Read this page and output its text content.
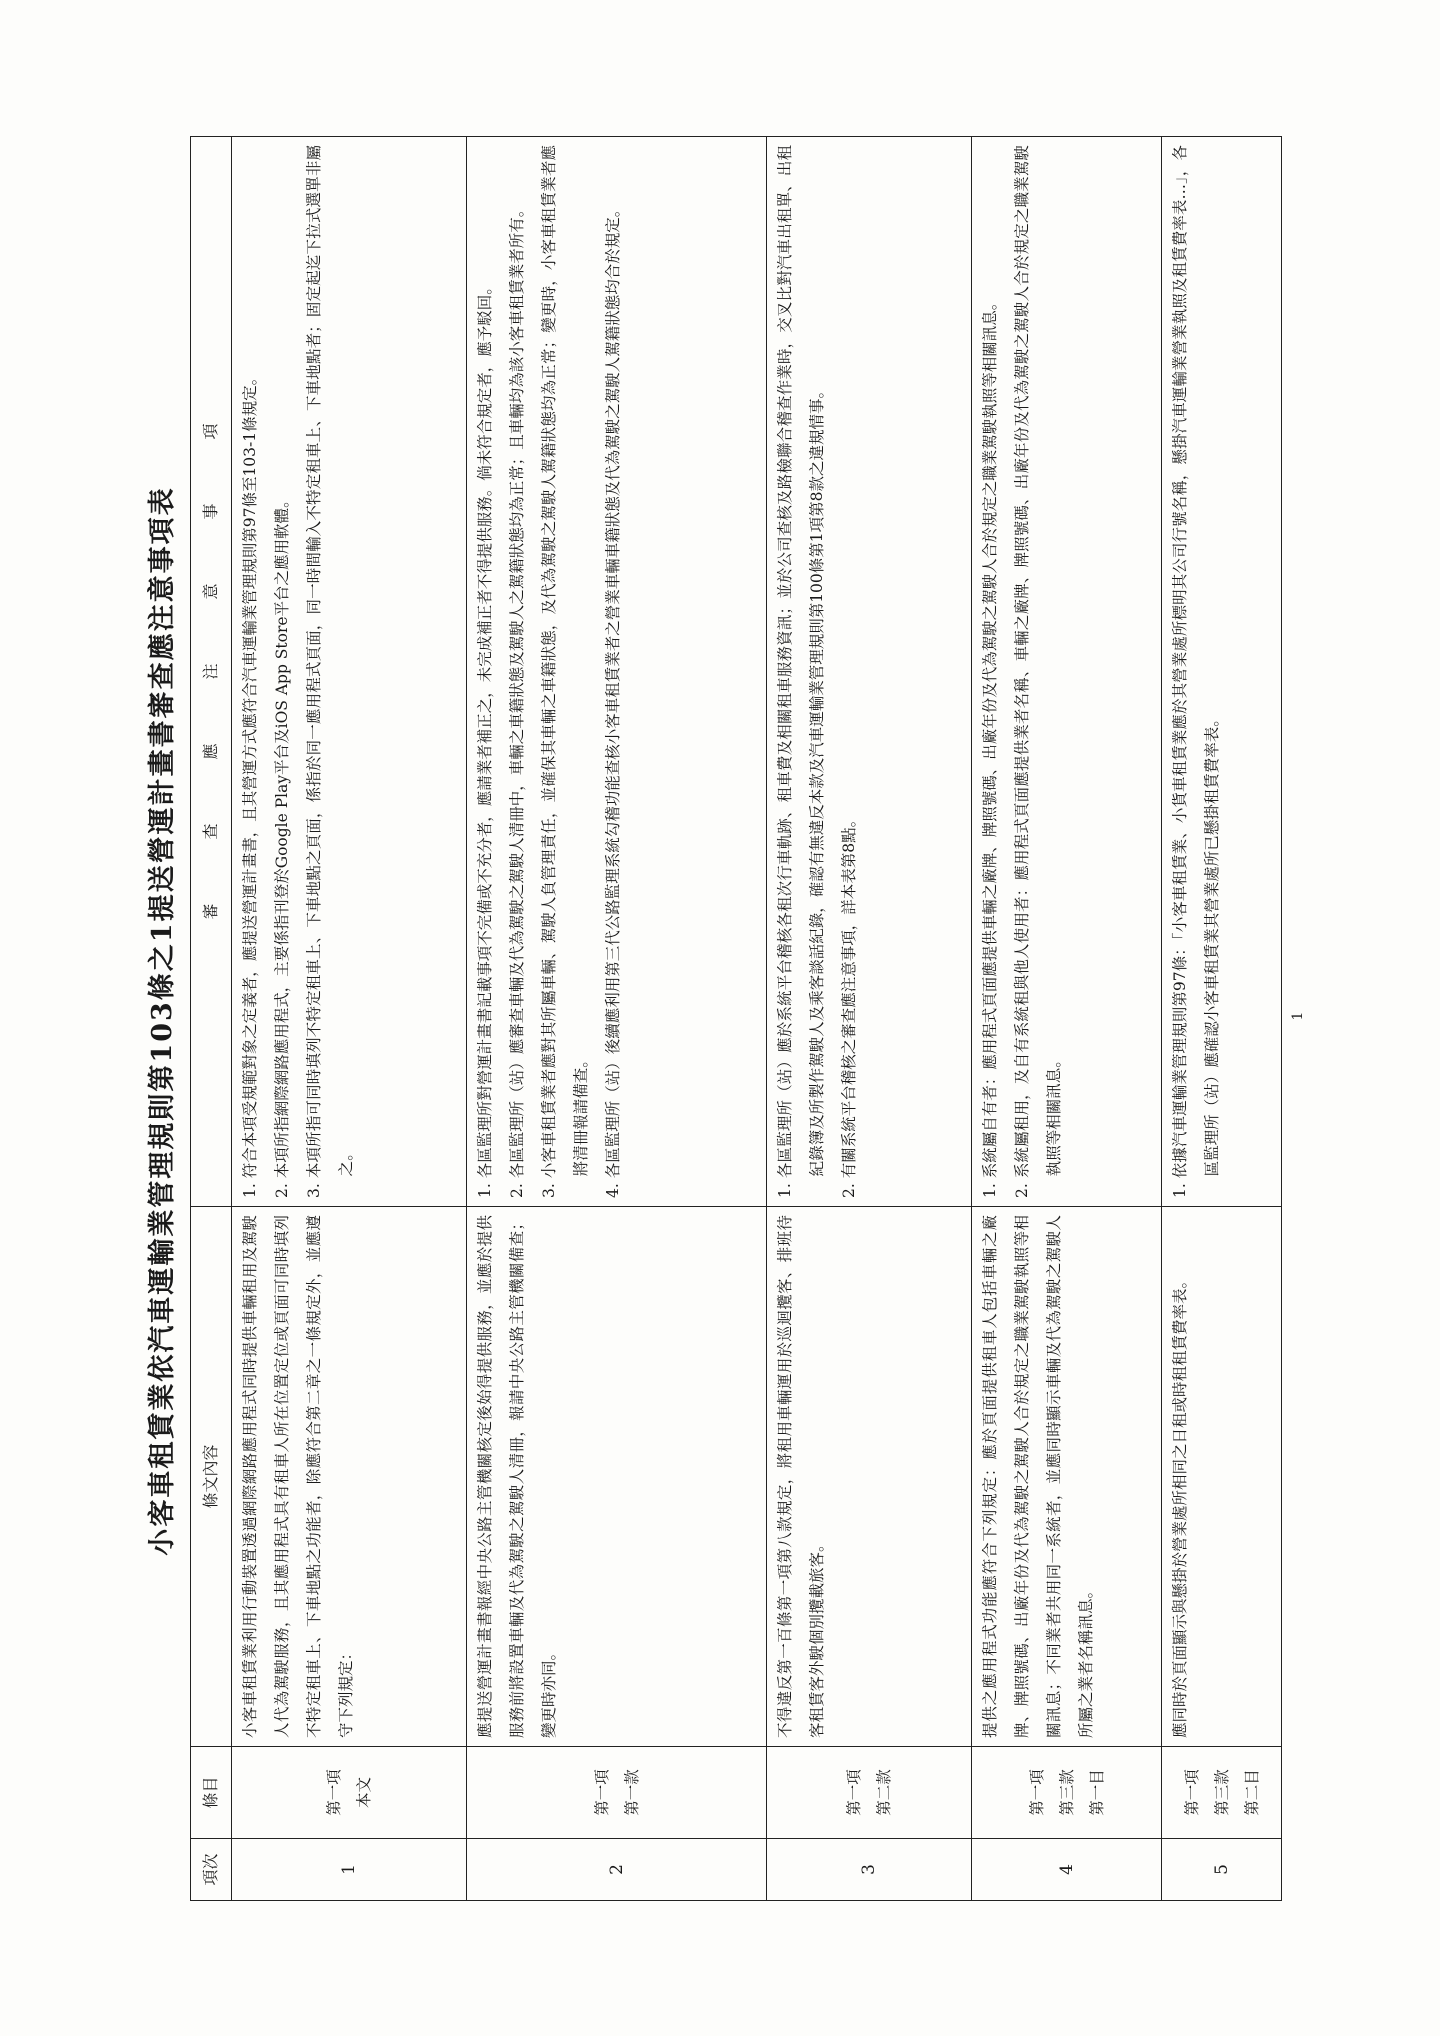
小客車租賃業依汽車運輸業管理規則第103條之1提送營運計畫書審查應注意事項表
項次	條目	條文內容	審　　　　查　　　　應　　　　注　　　　意　　　　事　　　　項
1	第一項 本文	小客車租賃業利用行動裝置透過網際網路應用程式同時提供車輛租用及駕駛人代為駕駛服務，且其應用程式具有租車人所在位置定位或頁面可同時填列不特定租車上、下車地點之功能者，除應符合第二章之一條規定外，並應遵守下列規定：	1. 符合本項受規範對象之定義者，應提送營運計畫書，且其營運方式應符合汽車運輸業管理規則第97條至103-1條規定。 2. 本項所指網際網路應用程式，主要係指刊登於Google Play平台及iOS App Store平台之應用軟體。 3. 本項所指可同時填列不特定租車上、下車地點之頁面，係指於同一應用程式頁面，同一時間輸入不特定租車上、下車地點者；固定起迄下拉式選單非屬之。

2	第一項 第一款	應提送營運計畫書報經中央公路主管機關核定後始得提供服務，並應於提供服務前將設置車輛及代為駕駛之駕駛人清冊，報請中央公路主管機關備查；變更時亦同。	1. 各區監理所對營運計畫書記載事項不完備或不充分者，應請業者補正之，未完成補正者不得提供服務。倘未符合規定者，應予駁回。 2. 各區監理所（站）應審查車輛及代為駕駛之駕駛人清冊中，車輛之車籍狀態及駕駛人之駕籍狀態均為正常；且車輛均為該小客車租賃業者所有。 3. 小客車租賃業者應對其所屬車輛、駕駛人負管理責任，並確保其車輛之車籍狀態，及代為駕駛之駕駛人駕籍狀態均為正常；變更時，小客車租賃業者應將清冊報請備查。 4. 各區監理所（站）後續應利用第三代公路監理系統勾稽功能查核小客車租賃業者之營業車輛車籍狀態及代為駕駛之駕駛人駕籍狀態均合於規定。

3	第一項 第二款	不得違反第一百條第一項第八款規定，將租用車輛運用於巡迴攬客、排班待客租賃客外駛個別攬載旅客。	1. 各區監理所（站）應於系統平台稽核各租次行車軌跡、租車費及相關租車服務資訊；並於公司查核及路檢聯合稽查作業時，交叉比對汽車出租單、出租紀錄簿及所製作駕駛人及乘客談話紀錄，確認有無違反本款及汽車運輸業管理規則第100條第1項第8款之違規情事。 2. 有關系統平台稽核之審查應注意事項，詳本表第8點。

4	第一項 第三款 第一目	提供之應用程式功能應符合下列規定：應於頁面提供租車人包括車輛之廠牌、牌照號碼、出廠年份及代為駕駛之駕駛人合於規定之職業駕駛執照等相關訊息；不同業者共用同一系統者，並應同時顯示車輛及代為駕駛之駕駛人所屬之業者名稱訊息。	1. 系統屬自有者：應用程式頁面應提供車輛之廠牌、牌照號碼、出廠年份及代為駕駛之駕駛人合於規定之職業駕駛執照等相關訊息。 2. 系統屬租用，及自有系統租與他人使用者：應用程式頁面應提供業者名稱、車輛之廠牌、牌照號碼、出廠年份及代為駕駛之駕駛人合於規定之職業駕駛執照等相關訊息。

5	第一項 第三款 第二目	應同時於頁面顯示與懸掛於營業處所相同之日租或時租租賃費率表。	1. 依據汽車運輸業管理規則第97條：「小客車租賃業、小貨車租賃業應於其營業處所標明其公司行號名稱，懸掛汽車運輸業營業執照及租賃費率表…」，各區監理所（站）應確認小客車租賃業其營業處所已懸掛租賃費率表。	1
